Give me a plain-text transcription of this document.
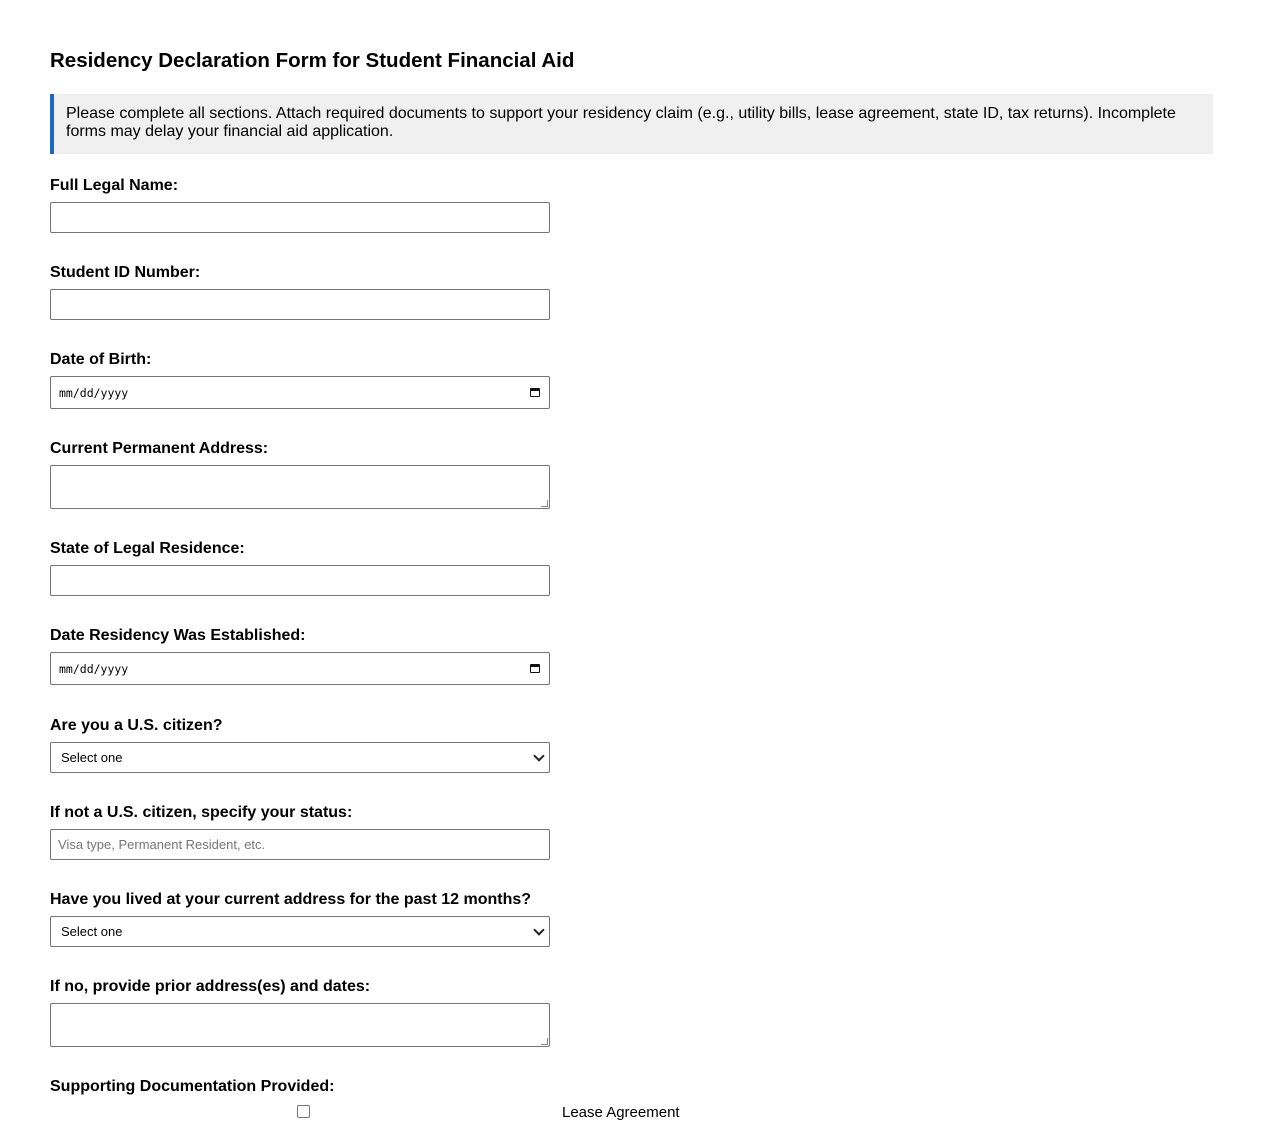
Residency Declaration Form for Student Financial Aid
Please complete all sections. Attach required documents to support your residency claim (e.g., utility bills, lease agreement, state ID, tax returns). Incomplete forms may delay your financial aid application.
Full Legal Name:
Student ID Number:
Date of Birth:
mm/dd/yyyy
Current Permanent Address:
State of Legal Residence:
Date Residency Was Established:
mm/dd/yyyy
Are you a U.S. citizen?
Select one
If not a U.S. citizen, specify your status:
Visa type, Permanent Resident, etc.
Have you lived at your current address for the past 12 months?
Select one
If no, provide prior address(es) and dates:
Supporting Documentation Provided:
Lease Agreement
